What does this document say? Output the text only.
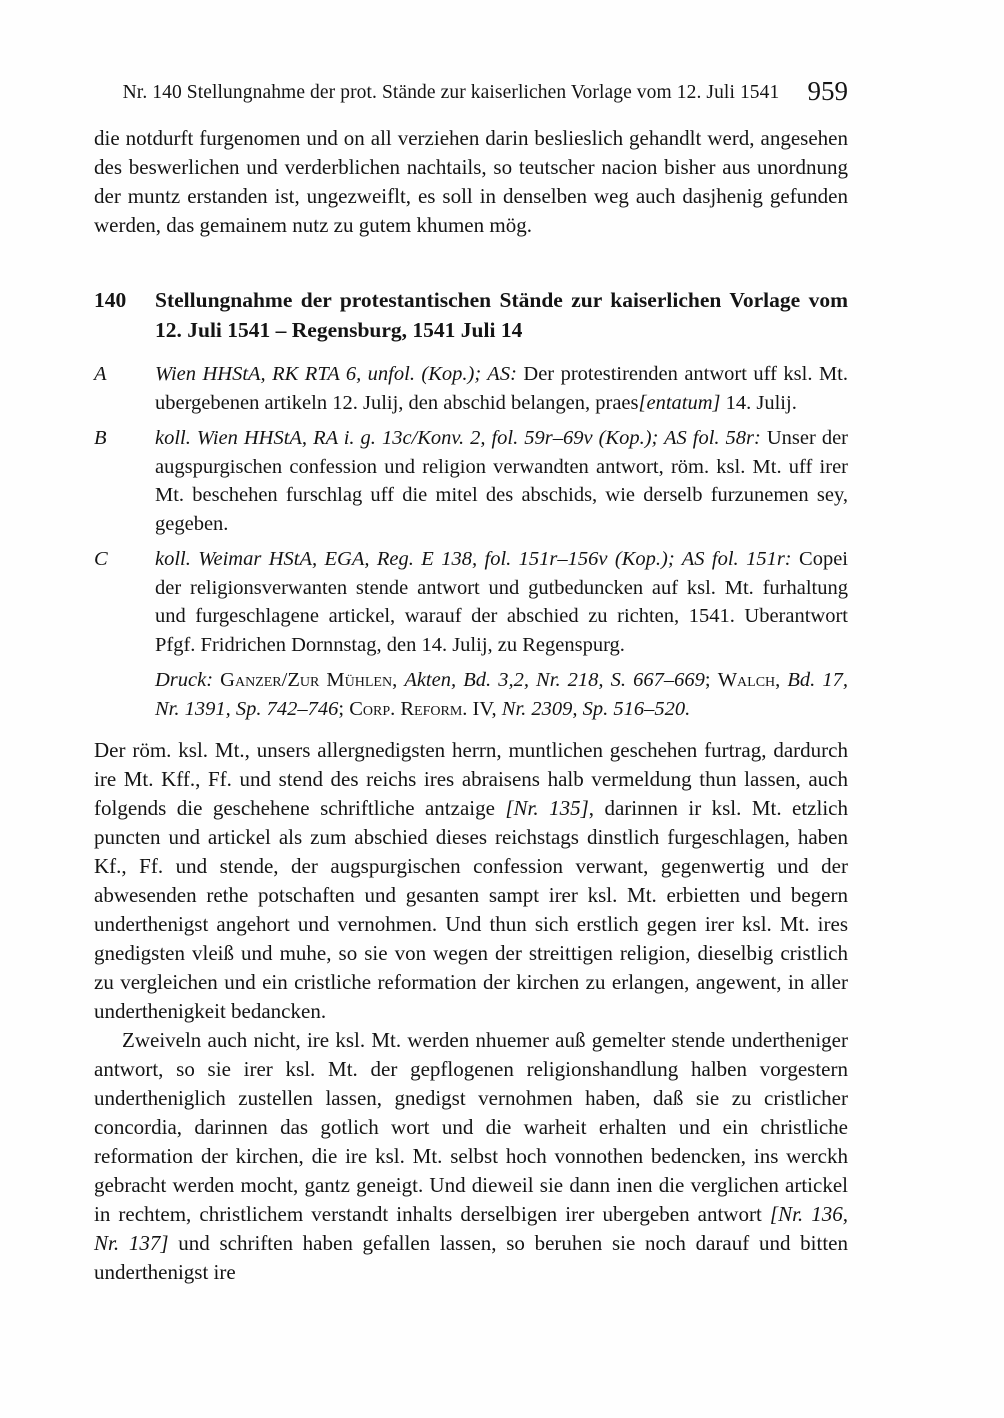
Nr. 140 Stellungnahme der prot. Stände zur kaiserlichen Vorlage vom 12. Juli 1541	959

die notdurft furgenomen und on all verziehen darin beslieslich gehandlt werd, angesehen des beswerlichen und verderblichen nachtails, so teutscher nacion bisher aus unordnung der muntz erstanden ist, ungezweiflt, es soll in denselben weg auch dasjhenig gefunden werden, das gemainem nutz zu gutem khumen mög.

140	Stellungnahme der protestantischen Stände zur kaiserlichen Vorlage vom 12. Juli 1541 – Regensburg, 1541 Juli 14
A	Wien HHStA, RK RTA 6, unfol. (Kop.); AS: Der protestirenden antwort uff ksl. Mt. ubergebenen artikeln 12. Julij, den abschid belangen, praes[entatum] 14. Julij.

B	koll. Wien HHStA, RA i. g. 13c/Konv. 2, fol. 59r–69v (Kop.); AS fol. 58r: Unser der augspurgischen confession und religion verwandten antwort, röm. ksl. Mt. uff irer Mt. beschehen furschlag uff die mitel des abschids, wie derselb furzunemen sey, gegeben.

C	koll. Weimar HStA, EGA, Reg. E 138, fol. 151r–156v (Kop.); AS fol. 151r: Copei der religionsverwanten stende antwort und gutbeduncken auf ksl. Mt. furhaltung und furgeschlagene artickel, warauf der abschied zu richten, 1541. Uberantwort Pfgf. Fridrichen Dornnstag, den 14. Julij, zu Regenspurg.

Druck: Ganzer/Zur Mühlen, Akten, Bd. 3,2, Nr. 218, S. 667–669; Walch, Bd. 17, Nr. 1391, Sp. 742–746; Corp. Reform. IV, Nr. 2309, Sp. 516–520.

Der röm. ksl. Mt., unsers allergnedigsten herrn, muntlichen geschehen furtrag, dardurch ire Mt. Kff., Ff. und stend des reichs ires abraisens halb vermeldung thun lassen, auch folgends die geschehene schriftliche antzaige [Nr. 135], darinnen ir ksl. Mt. etzlich puncten und artickel als zum abschied dieses reichstags dinstlich furgeschlagen, haben Kf., Ff. und stende, der augspurgischen confession verwant, gegenwertig und der abwesenden rethe potschaften und gesanten sampt irer ksl. Mt. erbietten und begern underthenigst angehort und vernohmen. Und thun sich erstlich gegen irer ksl. Mt. ires gnedigsten vleiß und muhe, so sie von wegen der streittigen religion, dieselbig cristlich zu vergleichen und ein cristliche reformation der kirchen zu erlangen, angewent, in aller underthenigkeit bedancken.

Zweiveln auch nicht, ire ksl. Mt. werden nhuemer auß gemelter stende undertheniger antwort, so sie irer ksl. Mt. der gepflogenen religionshandlung halben vorgestern undertheniglich zustellen lassen, gnedigst vernohmen haben, daß sie zu cristlicher concordia, darinnen das gotlich wort und die warheit erhalten und ein christliche reformation der kirchen, die ire ksl. Mt. selbst hoch vonnothen bedencken, ins werckh gebracht werden mocht, gantz geneigt. Und dieweil sie dann inen die verglichen artickel in rechtem, christlichem verstandt inhalts derselbigen irer ubergeben antwort [Nr. 136, Nr. 137] und schriften haben gefallen lassen, so beruhen sie noch darauf und bitten underthenigst ire
